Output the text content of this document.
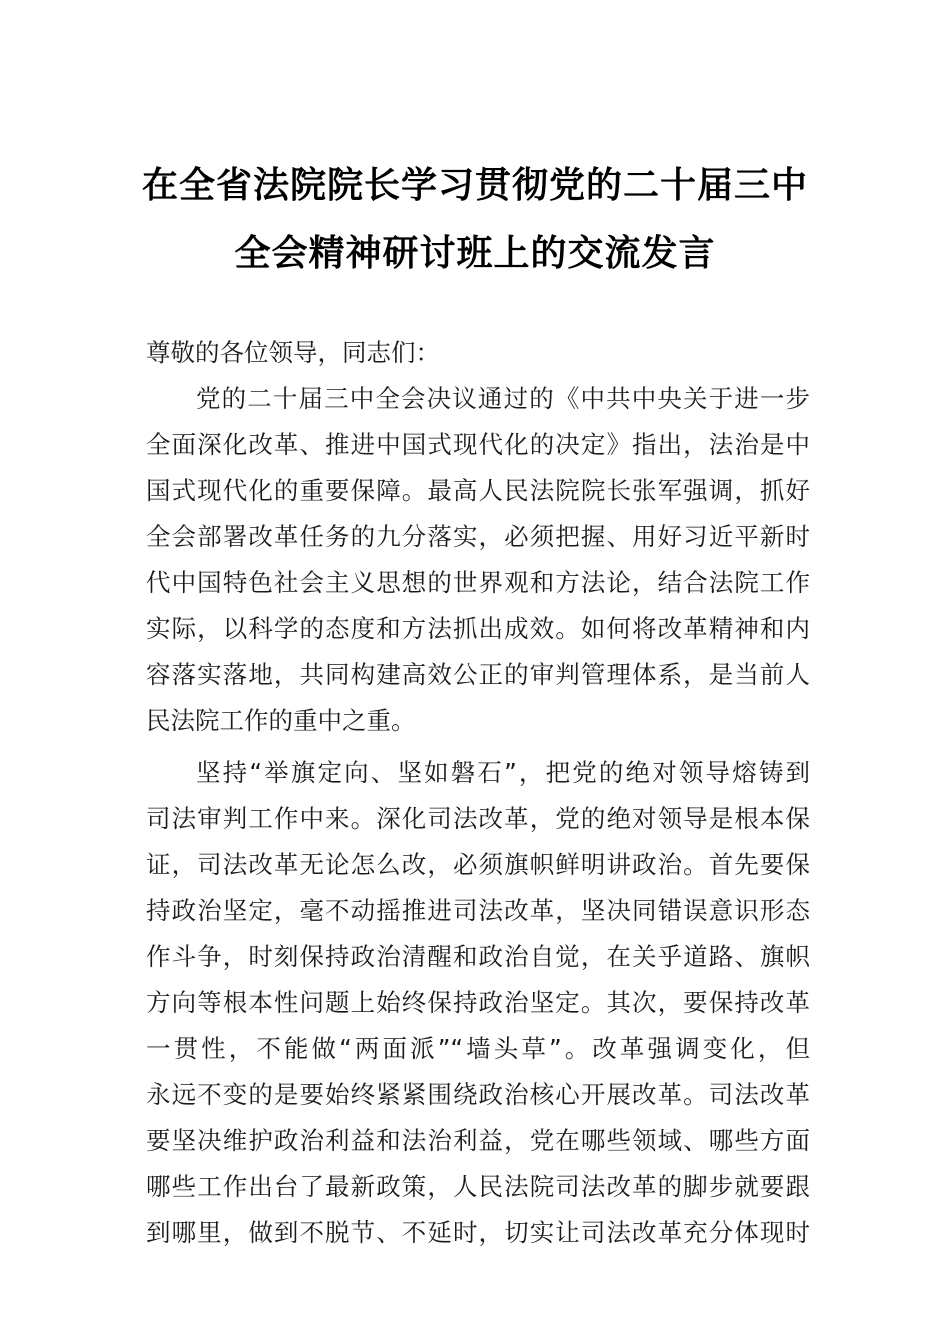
在全省法院院长学习贯彻党的二十届三中
全会精神研讨班上的交流发言

尊敬的各位领导，同志们：

党的二十届三中全会决议通过的《中共中央关于进一步
全面深化改革、推进中国式现代化的决定》指出，法治是中
国式现代化的重要保障。最高人民法院院长张军强调，抓好
全会部署改革任务的九分落实，必须把握、用好习近平新时
代中国特色社会主义思想的世界观和方法论，结合法院工作
实际，以科学的态度和方法抓出成效。如何将改革精神和内
容落实落地，共同构建高效公正的审判管理体系，是当前人
民法院工作的重中之重。

坚持“举旗定向、坚如磐石”，把党的绝对领导熔铸到
司法审判工作中来。深化司法改革，党的绝对领导是根本保
证，司法改革无论怎么改，必须旗帜鲜明讲政治。首先要保
持政治坚定，毫不动摇推进司法改革，坚决同错误意识形态
作斗争，时刻保持政治清醒和政治自觉，在关乎道路、旗帜
方向等根本性问题上始终保持政治坚定。其次，要保持改革
一贯性，不能做“两面派”“墙头草”。改革强调变化，但
永远不变的是要始终紧紧围绕政治核心开展改革。司法改革
要坚决维护政治利益和法治利益，党在哪些领域、哪些方面
哪些工作出台了最新政策，人民法院司法改革的脚步就要跟
到哪里，做到不脱节、不延时，切实让司法改革充分体现时
